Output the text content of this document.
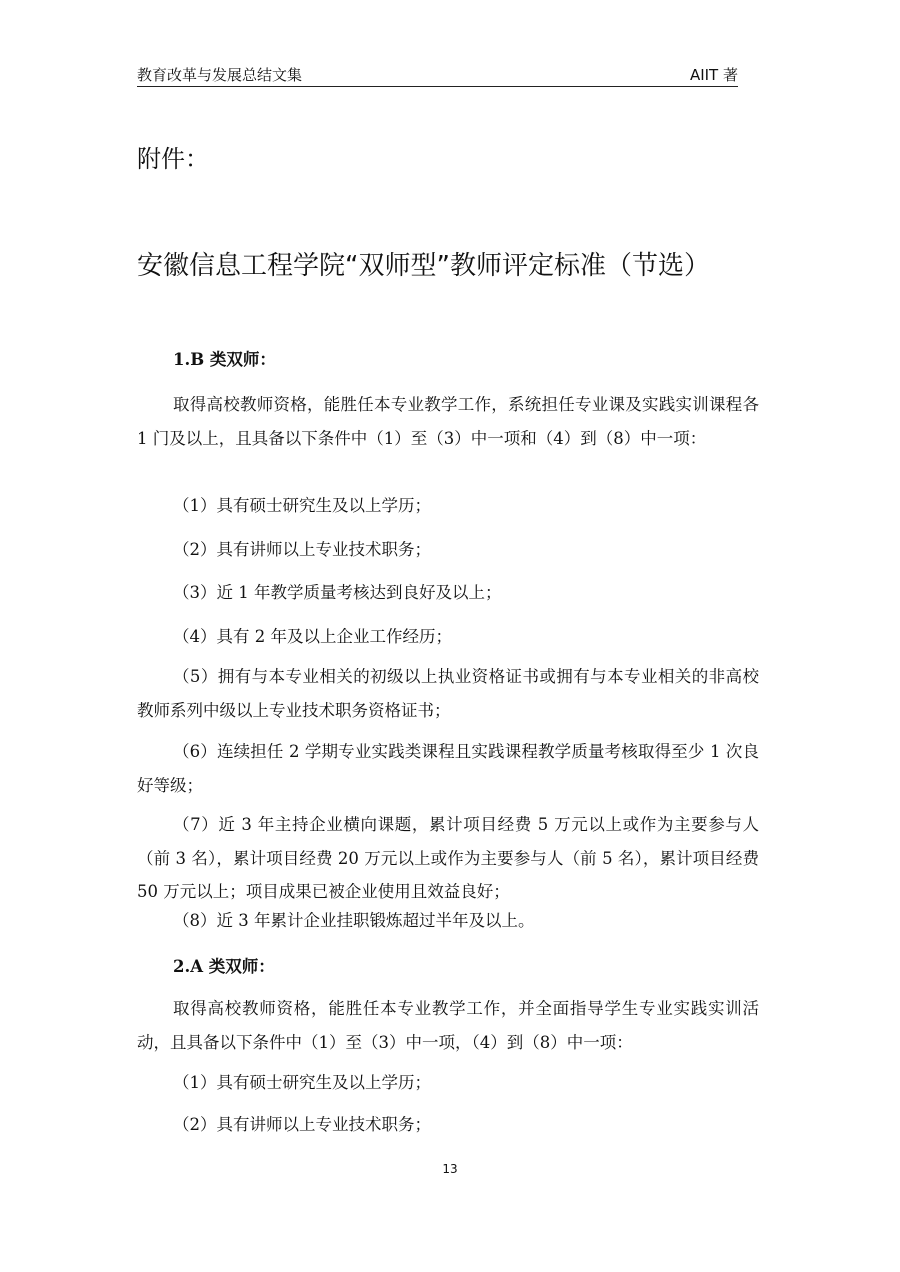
教育改革与发展总结文集	AIIT 著
附件：
安徽信息工程学院“双师型”教师评定标准（节选）
1.B 类双师：
取得高校教师资格，能胜任本专业教学工作，系统担任专业课及实践实训课程各 1 门及以上，且具备以下条件中（1）至（3）中一项和（4）到（8）中一项：
（1）具有硕士研究生及以上学历；
（2）具有讲师以上专业技术职务；
（3）近 1 年教学质量考核达到良好及以上；
（4）具有 2 年及以上企业工作经历；
（5）拥有与本专业相关的初级以上执业资格证书或拥有与本专业相关的非高校教师系列中级以上专业技术职务资格证书；
（6）连续担任 2 学期专业实践类课程且实践课程教学质量考核取得至少 1 次良好等级；
（7）近 3 年主持企业横向课题，累计项目经费 5 万元以上或作为主要参与人（前 3 名），累计项目经费 20 万元以上或作为主要参与人（前 5 名），累计项目经费 50 万元以上；项目成果已被企业使用且效益良好；
（8）近 3 年累计企业挂职锻炼超过半年及以上。
2.A 类双师：
取得高校教师资格，能胜任本专业教学工作，并全面指导学生专业实践实训活动，且具备以下条件中（1）至（3）中一项，（4）到（8）中一项：
（1）具有硕士研究生及以上学历；
（2）具有讲师以上专业技术职务；
13
